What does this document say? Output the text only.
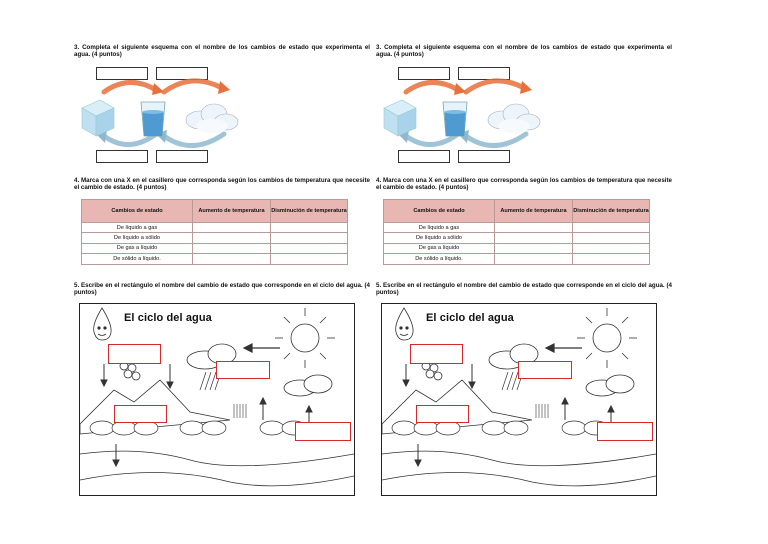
3. Completa el siguiente esquema con el nombre de los cambios de estado que experimenta el agua. (4 puntos)
4. Marca con una X en el casillero que corresponda según los cambios de temperatura que necesite el cambio de estado. (4 puntos)
Cambios de estado	Aumento de temperatura	Disminución de temperatura
De líquido a gas		
De líquido a sólido		
De gas a líquido		
De sólido a líquido.		
5. Escribe en el rectángulo el nombre del cambio de estado que corresponde en el ciclo del agua. (4 puntos)
El ciclo del agua
3. Completa el siguiente esquema con el nombre de los cambios de estado que experimenta el agua. (4 puntos)
4. Marca con una X en el casillero que corresponda según los cambios de temperatura que necesite el cambio de estado. (4 puntos)
Cambios de estado	Aumento de temperatura	Disminución de temperatura
De líquido a gas		
De líquido a sólido		
De gas a líquido		
De sólido a líquido.		
5. Escribe en el rectángulo el nombre del cambio de estado que corresponde en el ciclo del agua. (4 puntos)
El ciclo del agua
